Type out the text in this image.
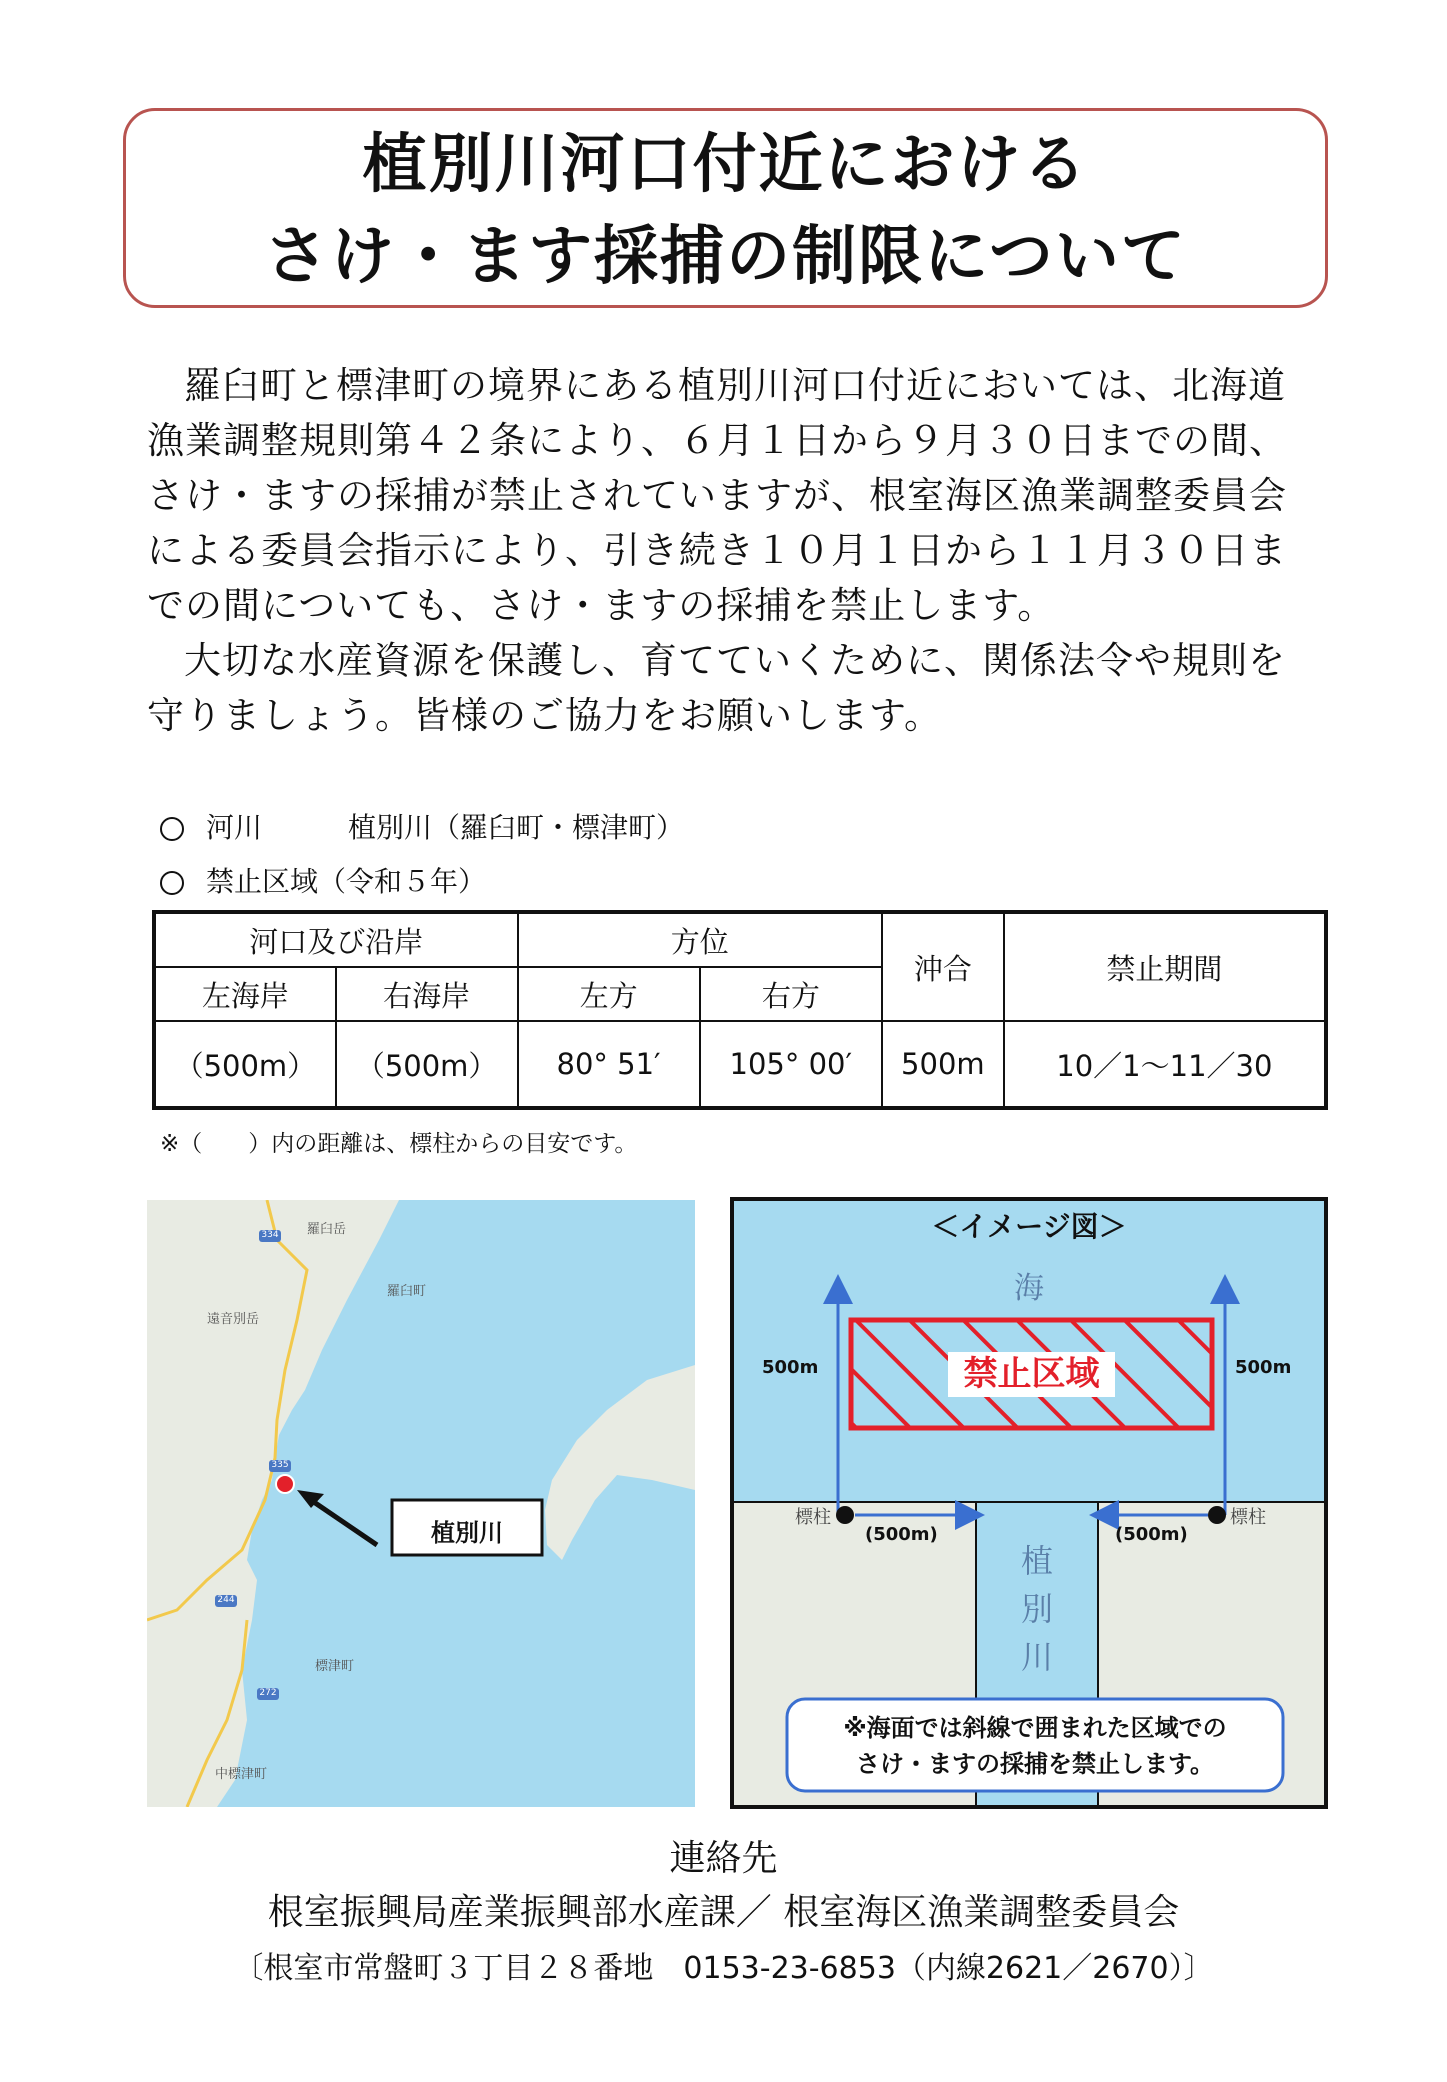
植別川河口付近における
さけ・ます採捕の制限について

羅臼町と標津町の境界にある植別川河口付近においては、北海道漁業調整規則第４２条により、６月１日から９月３０日までの間、さけ・ますの採捕が禁止されていますが、根室海区漁業調整委員会による委員会指示により、引き続き１０月１日から１１月３０日までの間についても、さけ・ますの採捕を禁止します。

大切な水産資源を保護し、育てていくために、関係法令や規則を守りましょう。皆様のご協力をお願いします。

河川	植別川（羅臼町・標津町）
禁止区域（令和５年）
河口及び沿岸		方位		沖合	禁止期間
左海岸	右海岸	左方	右方		
（500m）	（500m）	80° 51′	105° 00′	500m	10／1～11／30
※（　　）内の距離は、標柱からの目安です。
羅臼岳
羅臼町
遠音別岳
標津町
中標津町
334
335
244
272
植別川
＜イメージ図＞
海
禁止区域
500m	500m
標柱	標柱
(500m)	(500m)
植
別
川
※海面では斜線で囲まれた区域での
さけ・ますの採捕を禁止します。
連絡先
根室振興局産業振興部水産課／ 根室海区漁業調整委員会
〔根室市常盤町３丁目２８番地　0153-23-6853（内線2621／2670）〕
